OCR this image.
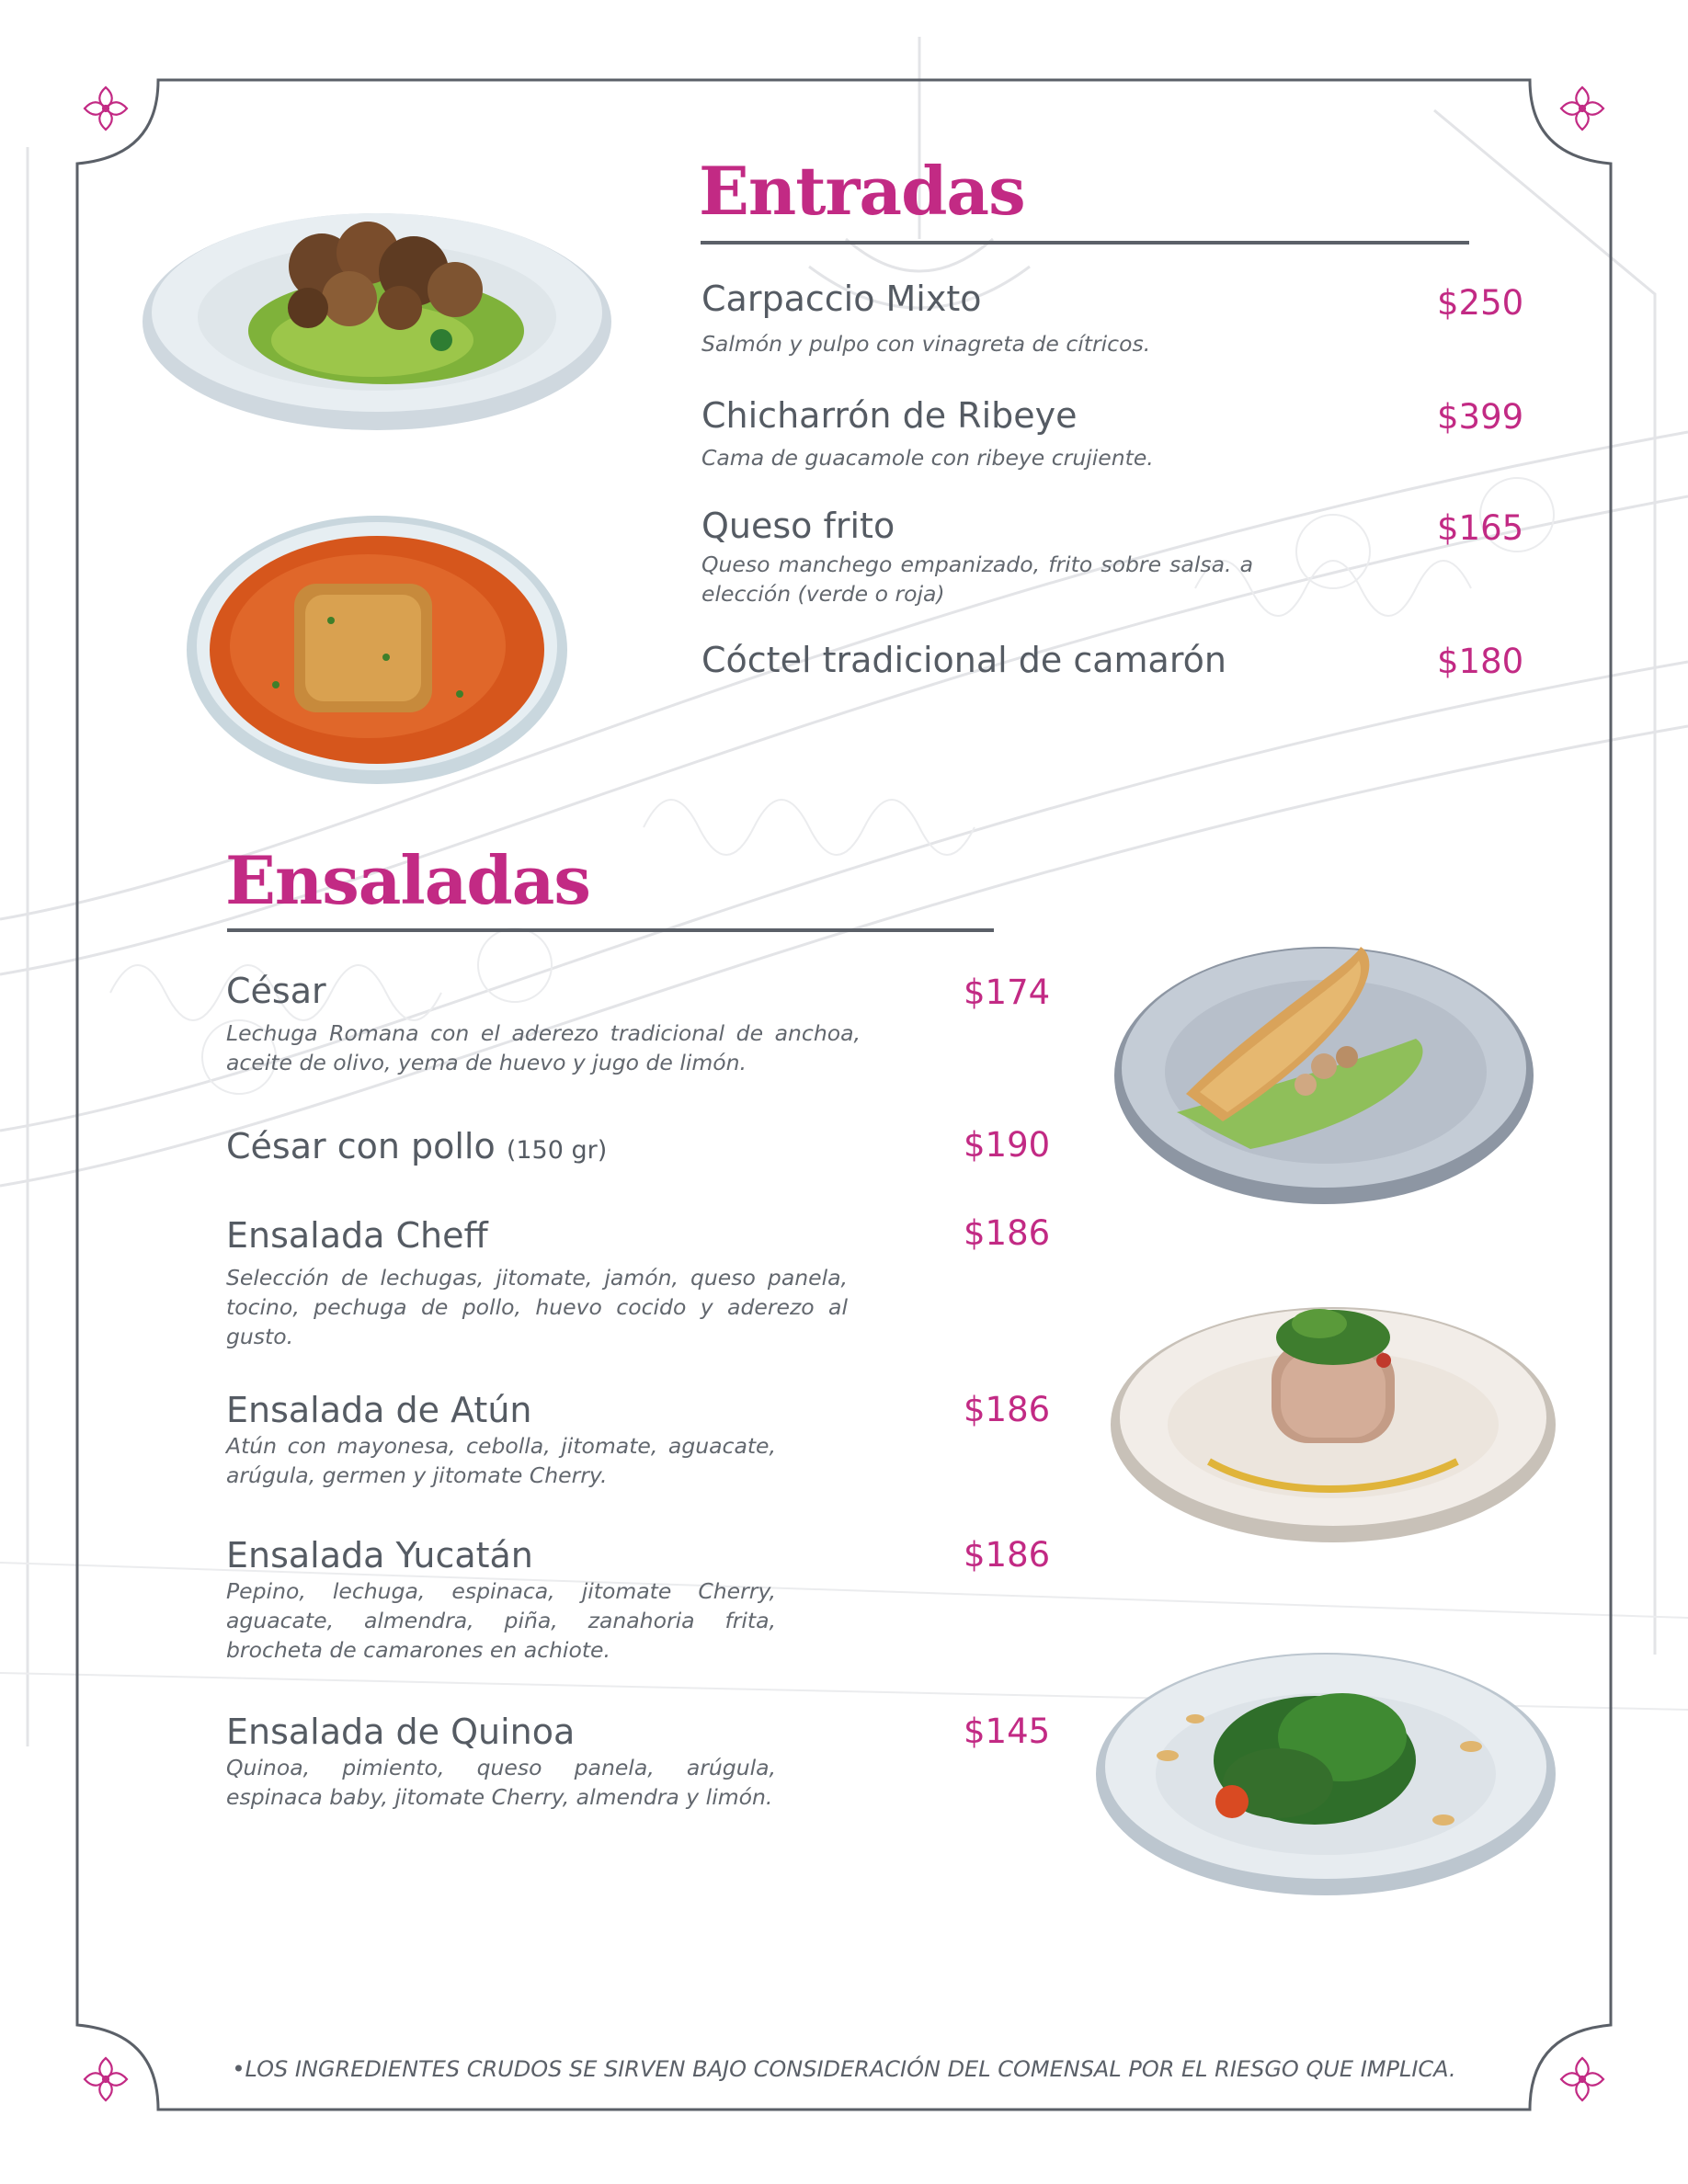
Entradas
Carpaccio Mixto

Salmón y pulpo con vinagreta de cítricos.

$250
Chicharrón de Ribeye

Cama de guacamole con ribeye crujiente.

$399
Queso frito

Queso manchego empanizado, frito sobre salsa. a elección (verde o roja)

$165
Cóctel tradicional de camarón	$180
Ensaladas
César

Lechuga Romana con el aderezo tradicional de anchoa, aceite de olivo, yema de huevo y jugo de limón.

$174
César con pollo (150 gr)	$190
Ensalada Cheff

Selección de lechugas, jitomate, jamón, queso panela, tocino, pechuga de pollo, huevo cocido y aderezo al gusto.

$186
Ensalada de Atún

Atún con mayonesa, cebolla, jitomate, aguacate, arúgula, germen y jitomate Cherry.

$186
Ensalada Yucatán

Pepino, lechuga, espinaca, jitomate Cherry, aguacate, almendra, piña, zanahoria frita, brocheta de camarones en achiote.

$186
Ensalada de Quinoa

Quinoa, pimiento, queso panela, arúgula, espinaca baby, jitomate Cherry, almendra y limón.

$145

•LOS INGREDIENTES CRUDOS SE SIRVEN BAJO CONSIDERACIÓN DEL COMENSAL POR EL RIESGO QUE IMPLICA.
